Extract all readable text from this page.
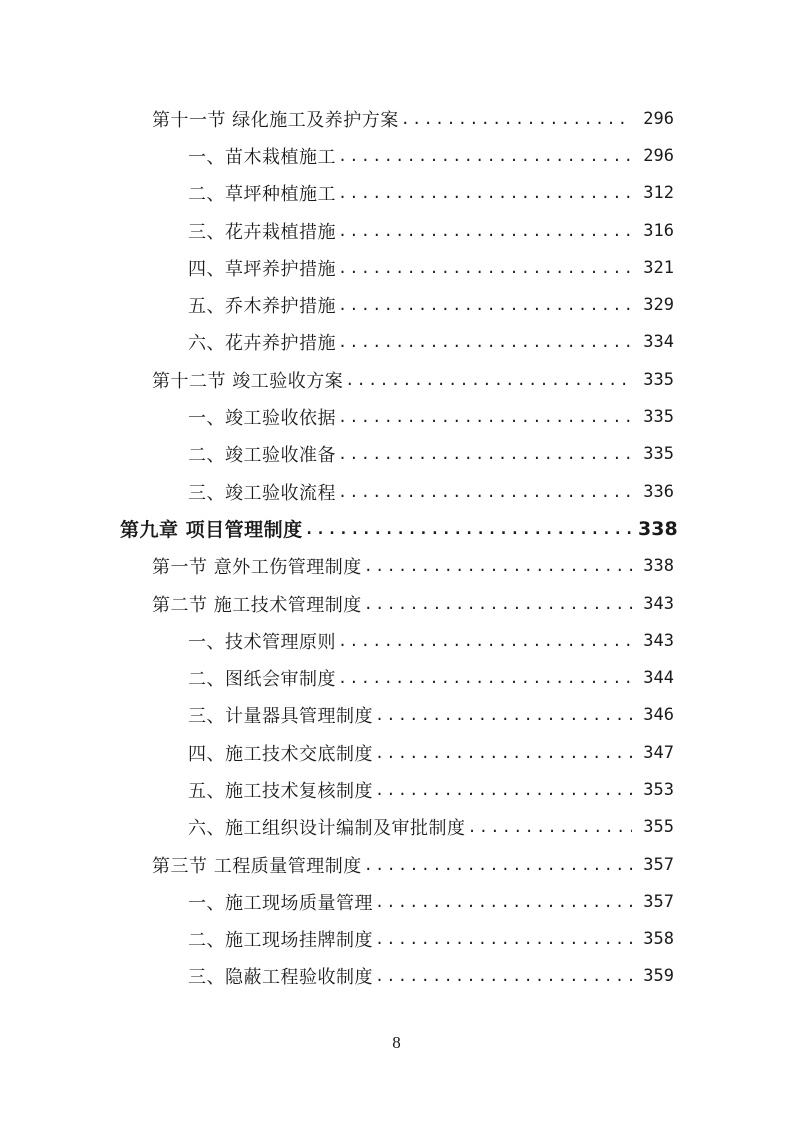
第十一节 绿化施工及养护方案 .....	296
一、苗木栽植施工 .....	296
二、草坪种植施工 .....	312
三、花卉栽植措施 .....	316
四、草坪养护措施 .....	321
五、乔木养护措施 .....	329
六、花卉养护措施 .....	334
第十二节 竣工验收方案 .....	335
一、竣工验收依据 .....	335
二、竣工验收准备 .....	335
三、竣工验收流程 .....	336
第九章 项目管理制度 .....	338
第一节 意外工伤管理制度 .....	338
第二节 施工技术管理制度 .....	343
一、技术管理原则 .....	343
二、图纸会审制度 .....	344
三、计量器具管理制度 .....	346
四、施工技术交底制度 .....	347
五、施工技术复核制度 .....	353
六、施工组织设计编制及审批制度 .....	355
第三节 工程质量管理制度 .....	357
一、施工现场质量管理 .....	357
二、施工现场挂牌制度 .....	358
三、隐蔽工程验收制度 .....	359
8
